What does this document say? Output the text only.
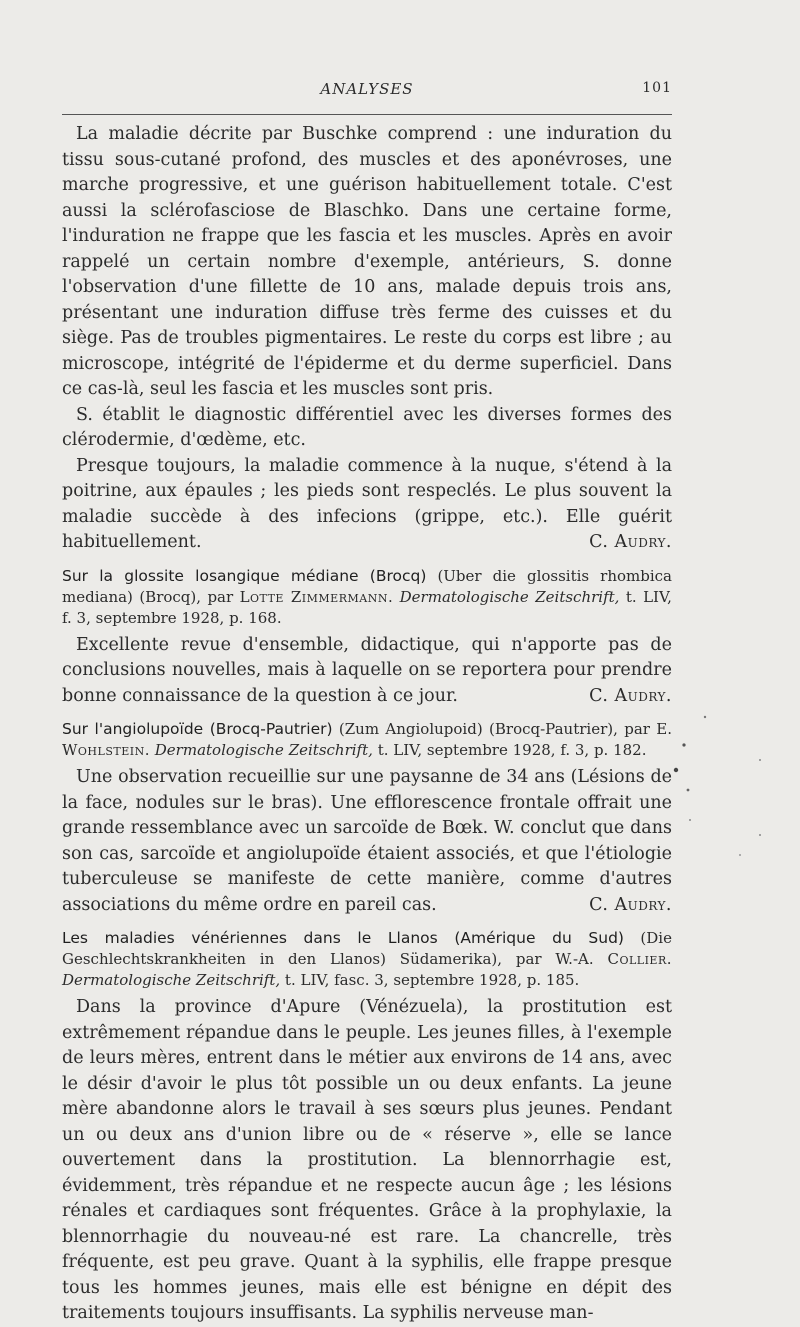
ANALYSES	101

La maladie décrite par Buschke comprend : une induration du tissu sous-cutané profond, des muscles et des aponévroses, une marche progressive, et une guérison habituellement totale. C'est aussi la sclérofasciose de Blaschko. Dans une certaine forme, l'induration ne frappe que les fascia et les muscles. Après en avoir rappelé un certain nombre d'exemple, antérieurs, S. donne l'observation d'une fillette de 10 ans, malade depuis trois ans, présentant une induration diffuse très ferme des cuisses et du siège. Pas de troubles pigmentaires. Le reste du corps est libre ; au microscope, intégrité de l'épiderme et du derme superficiel. Dans ce cas-là, seul les fascia et les muscles sont pris.

S. établit le diagnostic différentiel avec les diverses formes des clérodermie, d'œdème, etc.

Presque toujours, la maladie commence à la nuque, s'étend à la poitrine, aux épaules ; les pieds sont respeclés. Le plus souvent la maladie succède à des infecions (grippe, etc.). Elle guérit habituellement.	C. Audry.

Sur la glossite losangique médiane (Brocq) (Uber die glossitis rhombica mediana) (Brocq), par Lotte Zimmermann. Dermatologische Zeitschrift, t. LIV, f. 3, septembre 1928, p. 168.

Excellente revue d'ensemble, didactique, qui n'apporte pas de conclusions nouvelles, mais à laquelle on se reportera pour prendre bonne connaissance de la question à ce jour.	C. Audry.

Sur l'angiolupoïde (Brocq-Pautrier) (Zum Angiolupoid) (Brocq-Pautrier), par E. Wohlstein. Dermatologische Zeitschrift, t. LIV, septembre 1928, f. 3, p. 182.

Une observation recueillie sur une paysanne de 34 ans (Lésions de la face, nodules sur le bras). Une efflorescence frontale offrait une grande ressemblance avec un sarcoïde de Bœk. W. conclut que dans son cas, sarcoïde et angiolupoïde étaient associés, et que l'étiologie tuberculeuse se manifeste de cette manière, comme d'autres associations du même ordre en pareil cas.	C. Audry.

Les maladies vénériennes dans le Llanos (Amérique du Sud) (Die Geschlechtskrankheiten in den Llanos) Südamerika), par W.-A. Collier. Dermatologische Zeitschrift, t. LIV, fasc. 3, septembre 1928, p. 185.

Dans la province d'Apure (Vénézuela), la prostitution est extrêmement répandue dans le peuple. Les jeunes filles, à l'exemple de leurs mères, entrent dans le métier aux environs de 14 ans, avec le désir d'avoir le plus tôt possible un ou deux enfants. La jeune mère abandonne alors le travail à ses sœurs plus jeunes. Pendant un ou deux ans d'union libre ou de « réserve », elle se lance ouvertement dans la prostitution. La blennorrhagie est, évidemment, très répandue et ne respecte aucun âge ; les lésions rénales et cardiaques sont fréquentes. Grâce à la prophylaxie, la blennorrhagie du nouveau-né est rare. La chancrelle, très fréquente, est peu grave. Quant à la syphilis, elle frappe presque tous les hommes jeunes, mais elle est bénigne en dépit des traitements toujours insuffisants. La syphilis nerveuse man-
